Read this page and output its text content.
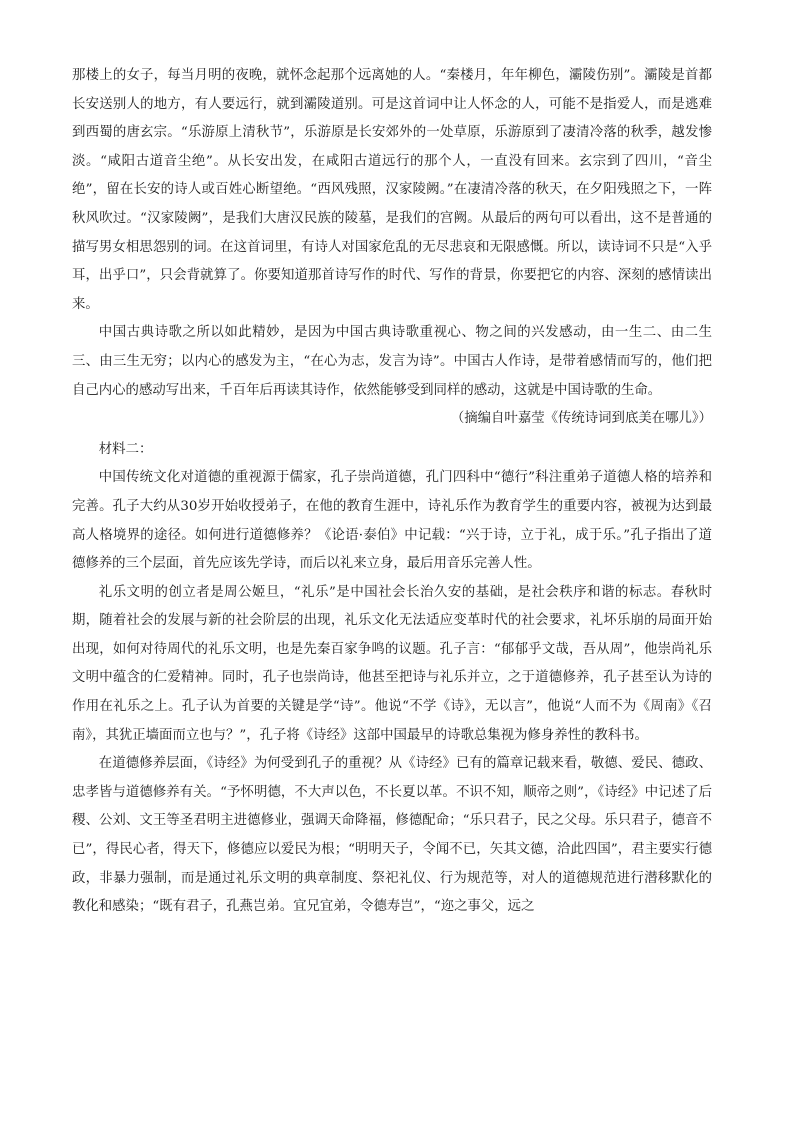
那楼上的女子，每当月明的夜晚，就怀念起那个远离她的人。“秦楼月，年年柳色，灞陵伤别”。灞陵是首都长安送别人的地方，有人要远行，就到灞陵道别。可是这首词中让人怀念的人，可能不是指爱人，而是逃难到西蜀的唐玄宗。“乐游原上清秋节”，乐游原是长安郊外的一处草原，乐游原到了凄清冷落的秋季，越发惨淡。“咸阳古道音尘绝”。从长安出发，在咸阳古道远行的那个人，一直没有回来。玄宗到了四川，“音尘绝”，留在长安的诗人或百姓心断望绝。“西风残照，汉家陵阙。”在凄清冷落的秋天，在夕阳残照之下，一阵秋风吹过。“汉家陵阙”，是我们大唐汉民族的陵墓，是我们的宫阙。从最后的两句可以看出，这不是普通的描写男女相思怨别的词。在这首词里，有诗人对国家危乱的无尽悲哀和无限感慨。所以，读诗词不只是“入乎耳，出乎口”，只会背就算了。你要知道那首诗写作的时代、写作的背景，你要把它的内容、深刻的感情读出来。

中国古典诗歌之所以如此精妙，是因为中国古典诗歌重视心、物之间的兴发感动，由一生二、由二生三、由三生无穷；以内心的感发为主，“在心为志，发言为诗”。中国古人作诗，是带着感情而写的，他们把自己内心的感动写出来，千百年后再读其诗作，依然能够受到同样的感动，这就是中国诗歌的生命。

（摘编自叶嘉莹《传统诗词到底美在哪儿》）

材料二：

中国传统文化对道德的重视源于儒家，孔子崇尚道德，孔门四科中“德行”科注重弟子道德人格的培养和完善。孔子大约从30岁开始收授弟子，在他的教育生涯中，诗礼乐作为教育学生的重要内容，被视为达到最高人格境界的途径。如何进行道德修养？《论语·泰伯》中记载：“兴于诗，立于礼，成于乐。”孔子指出了道德修养的三个层面，首先应该先学诗，而后以礼来立身，最后用音乐完善人性。

礼乐文明的创立者是周公姬旦，“礼乐”是中国社会长治久安的基础，是社会秩序和谐的标志。春秋时期，随着社会的发展与新的社会阶层的出现，礼乐文化无法适应变革时代的社会要求，礼坏乐崩的局面开始出现，如何对待周代的礼乐文明，也是先秦百家争鸣的议题。孔子言：“郁郁乎文哉，吾从周”，他崇尚礼乐文明中蕴含的仁爱精神。同时，孔子也崇尚诗，他甚至把诗与礼乐并立，之于道德修养，孔子甚至认为诗的作用在礼乐之上。孔子认为首要的关键是学“诗”。他说“不学《诗》，无以言”，他说“人而不为《周南》《召南》，其犹正墙面而立也与？”，孔子将《诗经》这部中国最早的诗歌总集视为修身养性的教科书。

在道德修养层面，《诗经》为何受到孔子的重视？从《诗经》已有的篇章记载来看，敬德、爱民、德政、忠孝皆与道德修养有关。“予怀明德，不大声以色，不长夏以革。不识不知，顺帝之则”，《诗经》中记述了后稷、公刘、文王等圣君明主进德修业，强调天命降福，修德配命；“乐只君子，民之父母。乐只君子，德音不已”，得民心者，得天下，修德应以爱民为根；“明明天子，令闻不已，矢其文德，洽此四国”，君主要实行德政，非暴力强制，而是通过礼乐文明的典章制度、祭祀礼仪、行为规范等，对人的道德规范进行潜移默化的教化和感染；“既有君子，孔燕岂弟。宜兄宜弟，令德寿岂”，“迩之事父，远之
